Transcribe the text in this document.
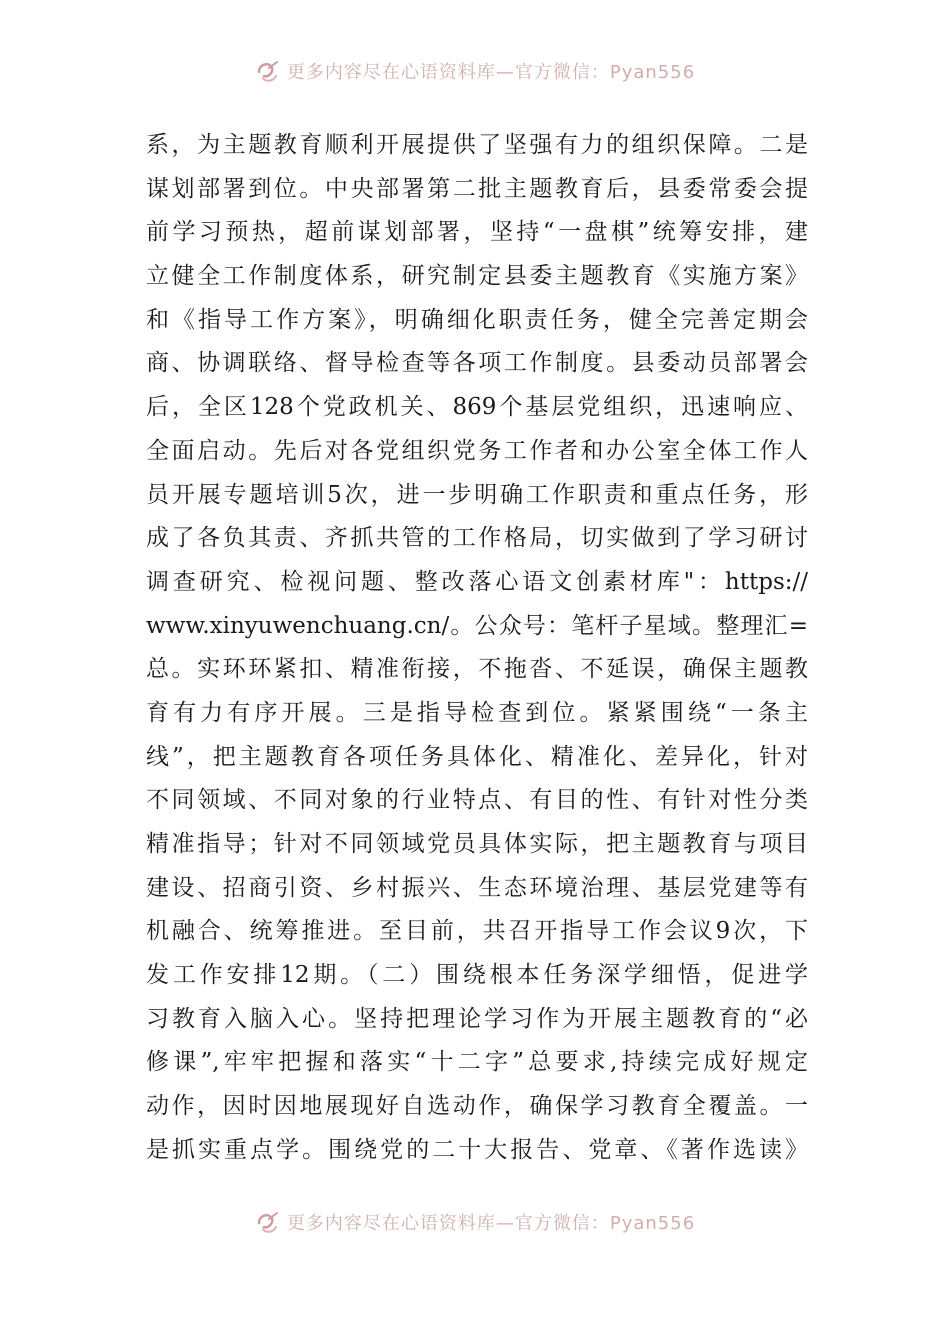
更多内容尽在心语资料库—官方微信：Pyan556
系，为主题教育顺利开展提供了坚强有力的组织保障。二是
谋划部署到位。中央部署第二批主题教育后，县委常委会提
前学习预热，超前谋划部署，坚持“一盘棋”统筹安排，建
立健全工作制度体系，研究制定县委主题教育《实施方案》
和《指导工作方案》，明确细化职责任务，健全完善定期会
商、协调联络、督导检查等各项工作制度。县委动员部署会
后，全区128个党政机关、869个基层党组织，迅速响应、
全面启动。先后对各党组织党务工作者和办公室全体工作人
员开展专题培训5次，进一步明确工作职责和重点任务，形
成了各负其责、齐抓共管的工作格局，切实做到了学习研讨
调查研究、检视问题、整改落心语文创素材库"：https://
www.xinyuwenchuang.cn/。公众号：笔杆子星域。整理汇=
总。实环环紧扣、精准衔接，不拖沓、不延误，确保主题教
育有力有序开展。三是指导检查到位。紧紧围绕“一条主
线”，把主题教育各项任务具体化、精准化、差异化，针对
不同领域、不同对象的行业特点、有目的性、有针对性分类
精准指导；针对不同领域党员具体实际，把主题教育与项目
建设、招商引资、乡村振兴、生态环境治理、基层党建等有
机融合、统筹推进。至目前，共召开指导工作会议9次，下
发工作安排12期。（二）围绕根本任务深学细悟，促进学
习教育入脑入心。坚持把理论学习作为开展主题教育的“必
修课”,牢牢把握和落实“十二字”总要求,持续完成好规定
动作，因时因地展现好自选动作，确保学习教育全覆盖。一
是抓实重点学。围绕党的二十大报告、党章、《著作选读》
更多内容尽在心语资料库—官方微信：Pyan556
